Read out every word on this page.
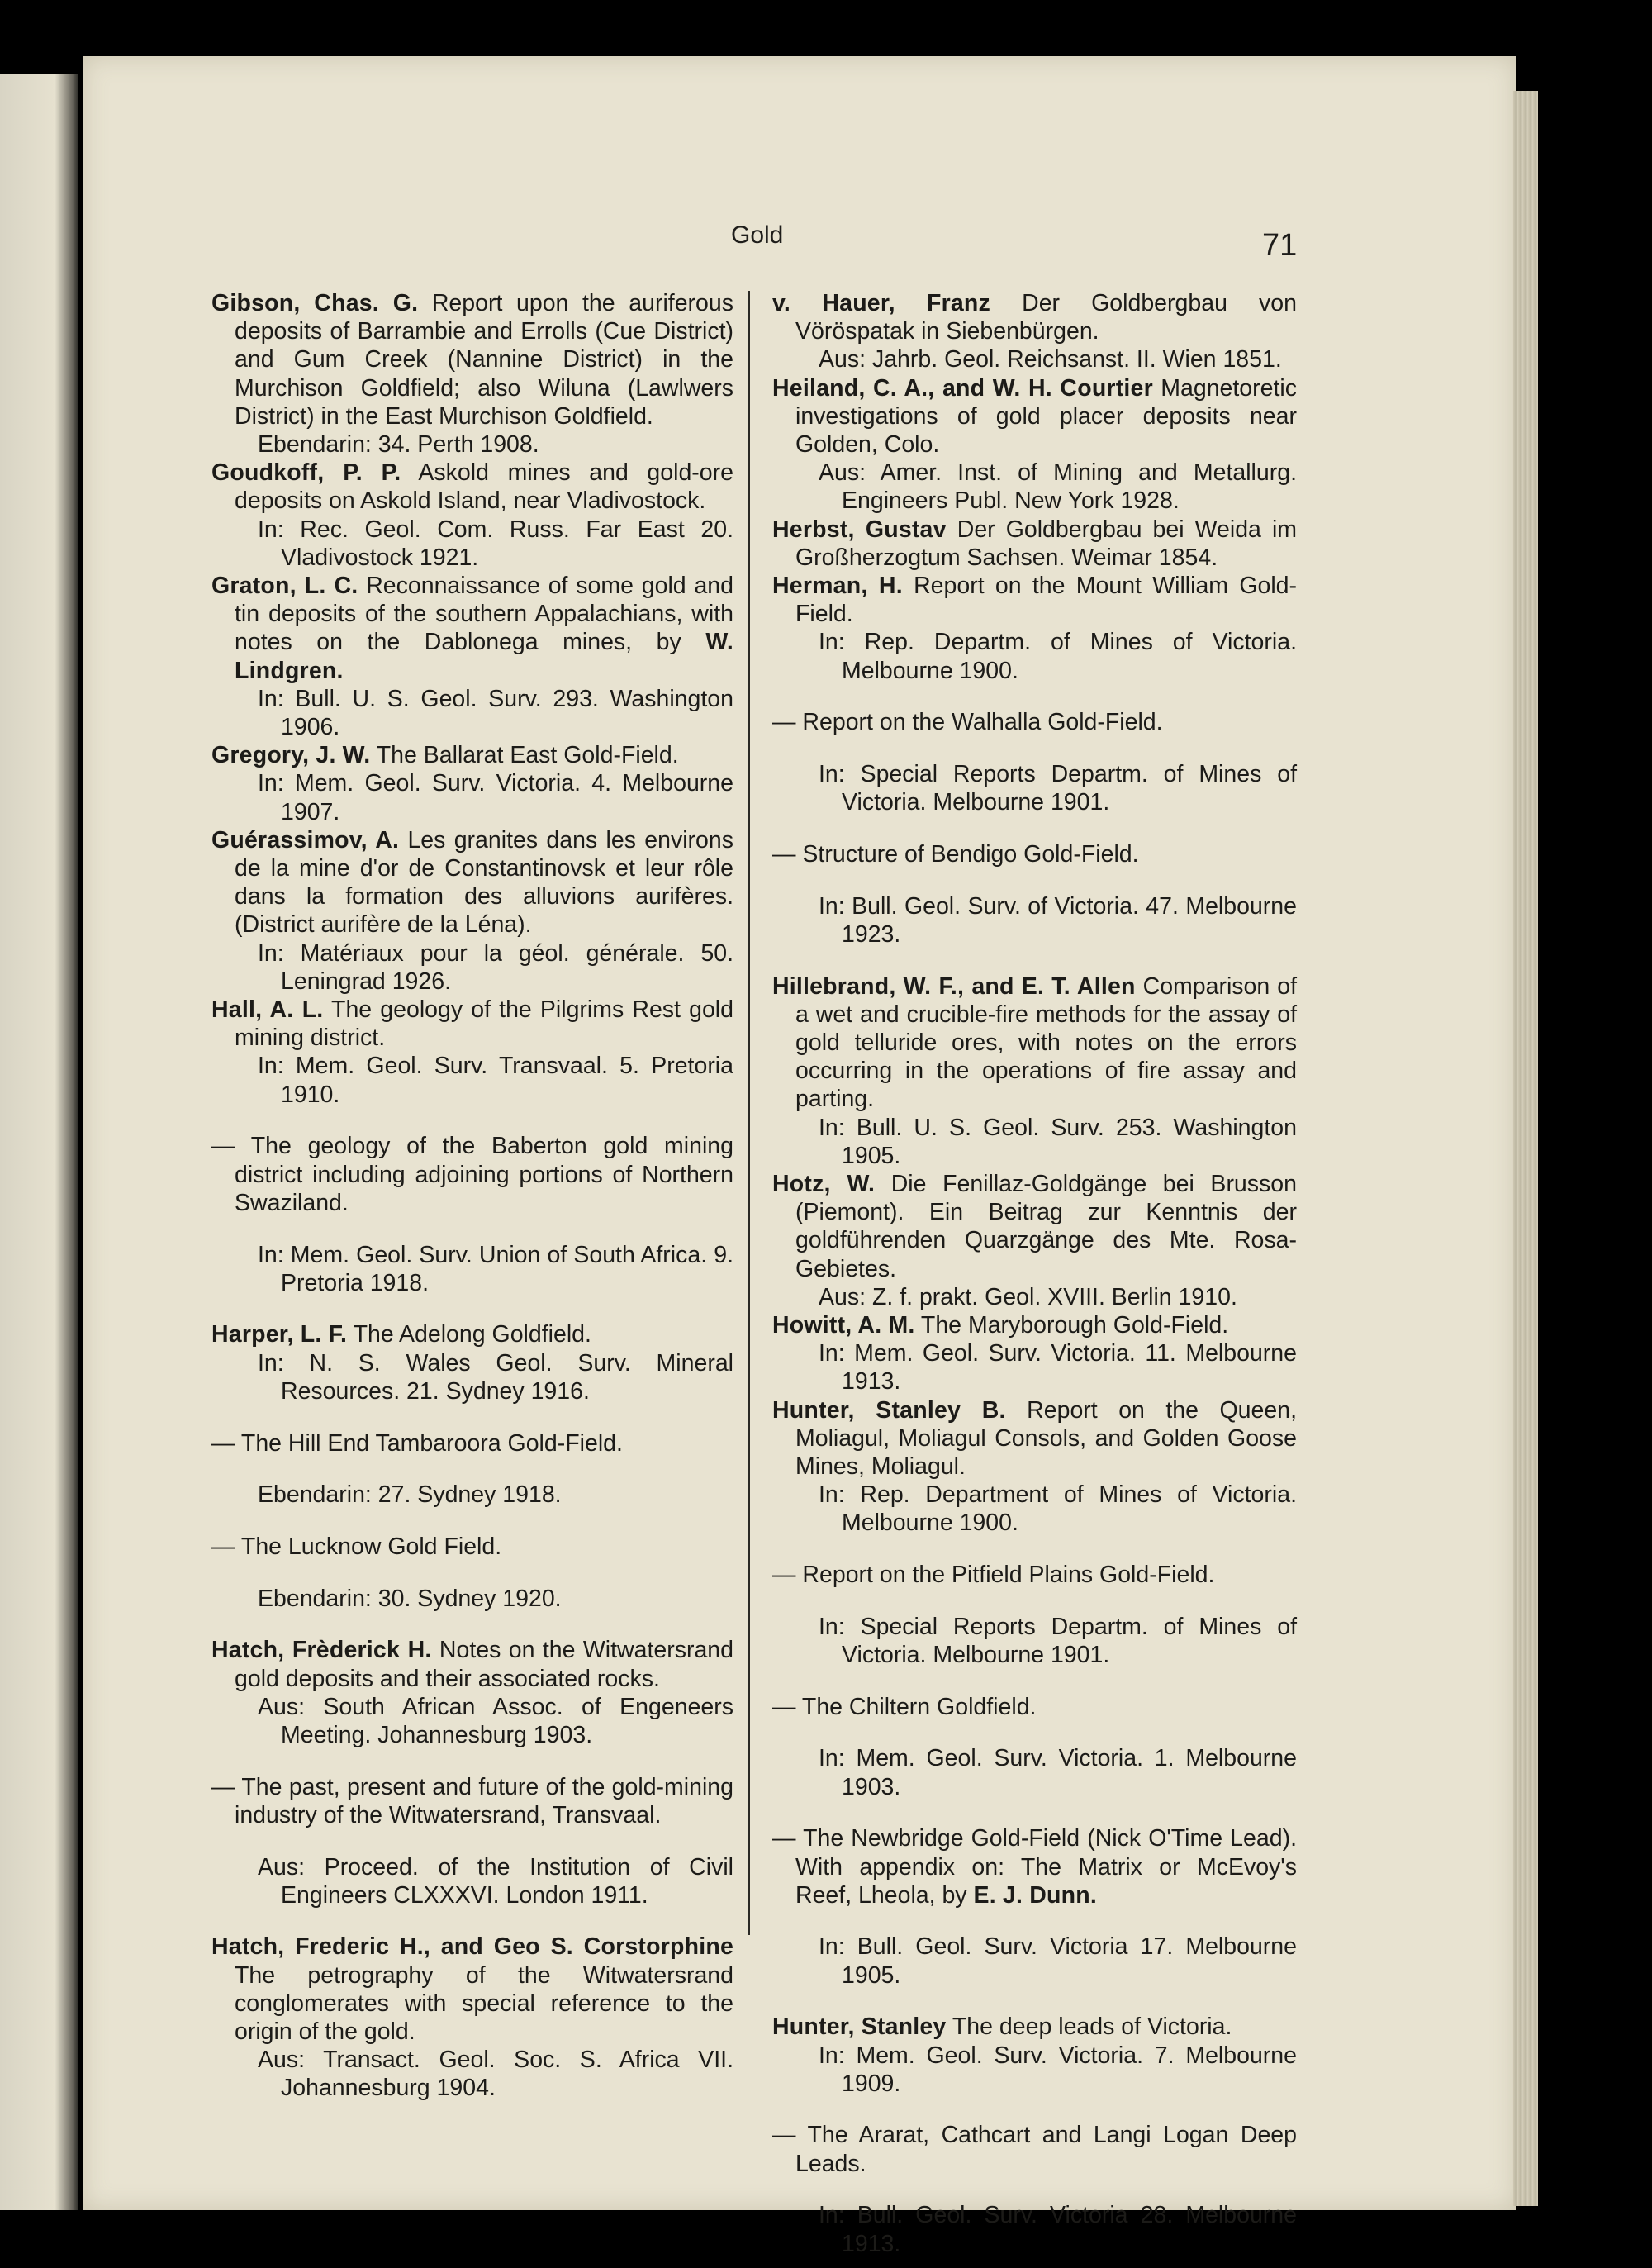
Gold	71

Gibson, Chas. G. Report upon the auriferous deposits of Barrambie and Errolls (Cue District) and Gum Creek (Nannine District) in the Murchison Goldfield; also Wiluna (Lawlwers District) in the East Murchison Goldfield.

Ebendarin: 34. Perth 1908.

Goudkoff, P. P. Askold mines and gold-ore deposits on Askold Island, near Vladivostock.

In: Rec. Geol. Com. Russ. Far East 20. Vladivostock 1921.

Graton, L. C. Reconnaissance of some gold and tin deposits of the southern Appalachians, with notes on the Dablonega mines, by W. Lindgren.

In: Bull. U. S. Geol. Surv. 293. Washington 1906.

Gregory, J. W. The Ballarat East Gold-Field.

In: Mem. Geol. Surv. Victoria. 4. Melbourne 1907.

Guérassimov, A. Les granites dans les environs de la mine d'or de Constantinovsk et leur rôle dans la formation des alluvions aurifères. (District aurifère de la Léna).

In: Matériaux pour la géol. générale. 50. Leningrad 1926.

Hall, A. L. The geology of the Pilgrims Rest gold mining district.

In: Mem. Geol. Surv. Transvaal. 5. Pretoria 1910.

— The geology of the Baberton gold mining district including adjoining portions of Northern Swaziland.

In: Mem. Geol. Surv. Union of South Africa. 9. Pretoria 1918.

Harper, L. F. The Adelong Goldfield.

In: N. S. Wales Geol. Surv. Mineral Resources. 21. Sydney 1916.

— The Hill End Tambaroora Gold-Field.

Ebendarin: 27. Sydney 1918.

— The Lucknow Gold Field.

Ebendarin: 30. Sydney 1920.

Hatch, Frèderick H. Notes on the Witwatersrand gold deposits and their associated rocks.

Aus: South African Assoc. of Engeneers Meeting. Johannesburg 1903.

— The past, present and future of the gold-mining industry of the Witwatersrand, Transvaal.

Aus: Proceed. of the Institution of Civil Engineers CLXXXVI. London 1911.

Hatch, Frederic H., and Geo S. Corstorphine The petrography of the Witwatersrand conglomerates with special reference to the origin of the gold.

Aus: Transact. Geol. Soc. S. Africa VII. Johannesburg 1904.

v. Hauer, Franz Der Goldbergbau von Vöröspatak in Siebenbürgen.

Aus: Jahrb. Geol. Reichsanst. II. Wien 1851.

Heiland, C. A., and W. H. Courtier Magnetoretic investigations of gold placer deposits near Golden, Colo.

Aus: Amer. Inst. of Mining and Metallurg. Engineers Publ. New York 1928.

Herbst, Gustav Der Goldbergbau bei Weida im Großherzogtum Sachsen. Weimar 1854.

Herman, H. Report on the Mount William Gold-Field.

In: Rep. Departm. of Mines of Victoria. Melbourne 1900.

— Report on the Walhalla Gold-Field.

In: Special Reports Departm. of Mines of Victoria. Melbourne 1901.

— Structure of Bendigo Gold-Field.

In: Bull. Geol. Surv. of Victoria. 47. Melbourne 1923.

Hillebrand, W. F., and E. T. Allen Comparison of a wet and crucible-fire methods for the assay of gold telluride ores, with notes on the errors occurring in the operations of fire assay and parting.

In: Bull. U. S. Geol. Surv. 253. Washington 1905.

Hotz, W. Die Fenillaz-Goldgänge bei Brusson (Piemont). Ein Beitrag zur Kenntnis der goldführenden Quarzgänge des Mte. Rosa-Gebietes.

Aus: Z. f. prakt. Geol. XVIII. Berlin 1910.

Howitt, A. M. The Maryborough Gold-Field.

In: Mem. Geol. Surv. Victoria. 11. Melbourne 1913.

Hunter, Stanley B. Report on the Queen, Moliagul, Moliagul Consols, and Golden Goose Mines, Moliagul.

In: Rep. Department of Mines of Victoria. Melbourne 1900.

— Report on the Pitfield Plains Gold-Field.

In: Special Reports Departm. of Mines of Victoria. Melbourne 1901.

— The Chiltern Goldfield.

In: Mem. Geol. Surv. Victoria. 1. Melbourne 1903.

— The Newbridge Gold-Field (Nick O'Time Lead). With appendix on: The Matrix or McEvoy's Reef, Lheola, by E. J. Dunn.

In: Bull. Geol. Surv. Victoria 17. Melbourne 1905.

Hunter, Stanley The deep leads of Victoria.

In: Mem. Geol. Surv. Victoria. 7. Melbourne 1909.

— The Ararat, Cathcart and Langi Logan Deep Leads.

In: Bull. Geol. Surv. Victoria 28. Melbourne 1913.
